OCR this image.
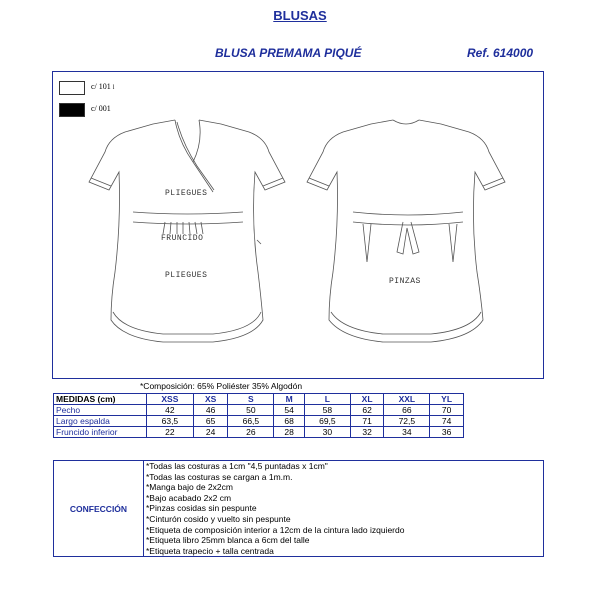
BLUSAS
BLUSA PREMAMA PIQUÉ	Ref. 614000
c/ 101 l
c/ 001
PLIEGUES
FRUNCIDO
PLIEGUES
PINZAS
*Composición: 65% Poliéster 35% Algodón
MEDIDAS (cm)	XSS	XS	S	M	L	XL	XXL	YL
Pecho	42	46	50	54	58	62	66	70
Largo espalda	63,5	65	66,5	68	69,5	71	72,5	74
Fruncido inferior	22	24	26	28	30	32	34	36
CONFECCIÓN	
*Todas las costuras a 1cm "4,5 puntadas x 1cm"
*Todas las costuras se cargan a 1m.m.
*Manga bajo de 2x2cm
*Bajo acabado 2x2 cm
*Pinzas cosidas sin pespunte
*Cinturón cosido y vuelto sin pespunte
*Etiqueta de composición interior a 12cm de la cintura lado izquierdo
*Etiqueta libro 25mm blanca a 6cm del talle
*Etiqueta trapecio + talla centrada
